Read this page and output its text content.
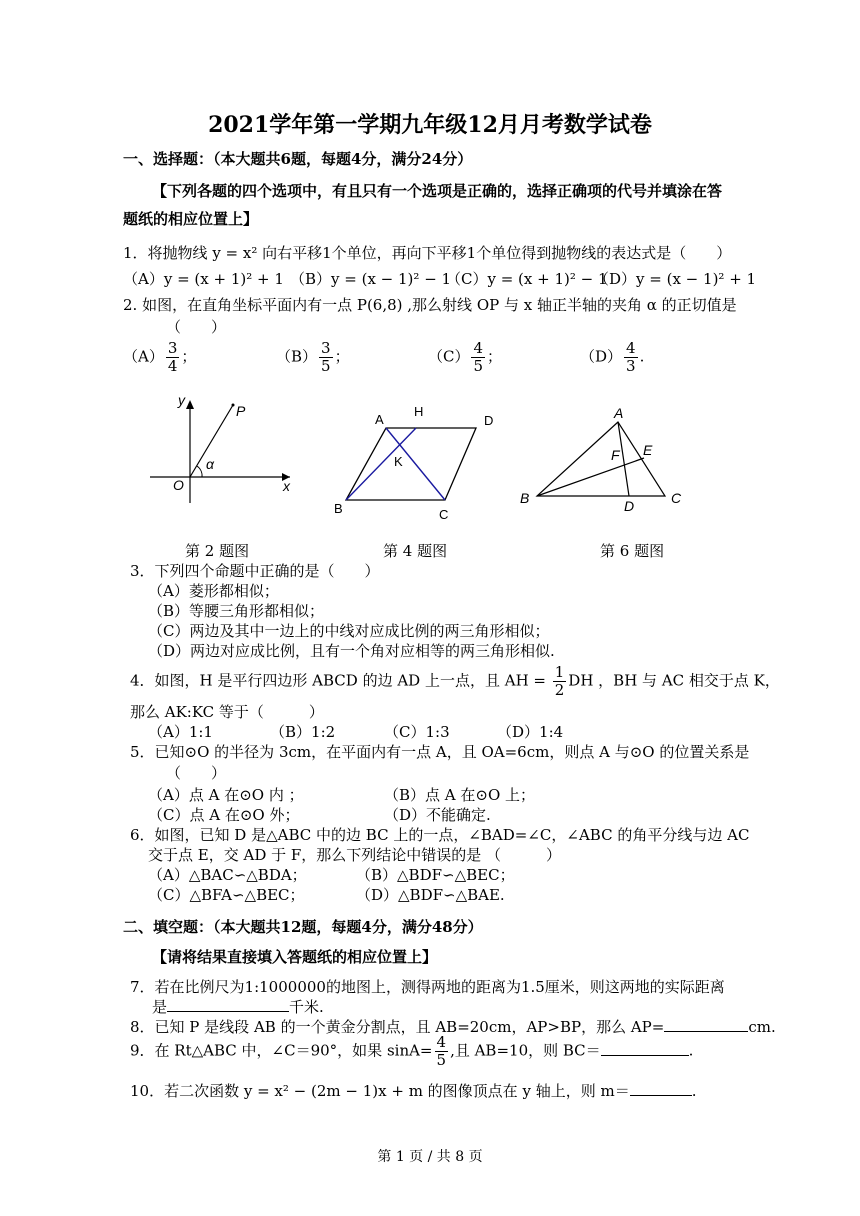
2021学年第一学期九年级12月月考数学试卷
一、选择题：（本大题共6题，每题4分，满分24分）
【下列各题的四个选项中，有且只有一个选项是正确的，选择正确项的代号并填涂在答
题纸的相应位置上】
1．将抛物线 y = x² 向右平移1个单位，再向下平移1个单位得到抛物线的表达式是（　　）
（A）y = (x + 1)² + 1 （B）y = (x − 1)² − 1
（C）y = (x + 1)² − 1
（D）y = (x − 1)² + 1
2. 如图，在直角坐标平面内有一点 P(6,8) ,那么射线 OP 与 x 轴正半轴的夹角 α 的正切值是
（　　）
$(A) \frac{3}{4}$ ；	$(B) \frac{3}{5}$ ；	$(C) \frac{4}{5}$ ；	$(D) \frac{4}{3}$ .
y
x
O
P
α
第 2 题图
A
H
D
K
B	C
第 4 题图
A
E
F
B	D	C
第 6 题图
3．下列四个命题中正确的是（　　）
（A）菱形都相似；
（B）等腰三角形都相似；
（C）两边及其中一边上的中线对应成比例的两三角形相似；
（D）两边对应成比例，且有一个角对应相等的两三角形相似.
4．如图，H 是平行四边形 ABCD 的边 AD 上一点，且 AH = $\frac{1}{2}$ DH ，BH 与 AC 相交于点 K，
那么 AK:KC 等于（　　　）
（A）1:1	（B）1:2	（C）1:3	（D）1:4
5．已知⊙O 的半径为 3cm，在平面内有一点 A，且 OA=6cm，则点 A 与⊙O 的位置关系是
（　　）
（A）点 A 在⊙O 内 ；	（B）点 A 在⊙O 上；
（C）点 A 在⊙O 外；	（D）不能确定.
6．如图，已知 D 是△ABC 中的边 BC 上的一点，∠BAD=∠C，∠ABC 的角平分线与边 AC
交于点 E，交 AD 于 F，那么下列结论中错误的是 （　　　）
（A）△BAC∽△BDA；	（B）△BDF∽△BEC；
（C）△BFA∽△BEC；	（D）△BDF∽△BAE.
二、填空题：（本大题共12题，每题4分，满分48分）
【请将结果直接填入答题纸的相应位置上】
7．若在比例尺为1:1000000的地图上，测得两地的距离为1.5厘米，则这两地的实际距离
是	千米.
8．已知 P 是线段 AB 的一个黄金分割点，且 AB=20cm，AP>BP，那么 AP=	cm.
9．在 Rt△ABC 中，∠C＝90°，如果 $\sin A= \frac{4}{5}$ ,且 AB=10，则 BC＝	.
10．若二次函数 y = x² − (2m − 1)x + m 的图像顶点在 y 轴上，则 m＝	.
第 1 页 / 共 8 页
